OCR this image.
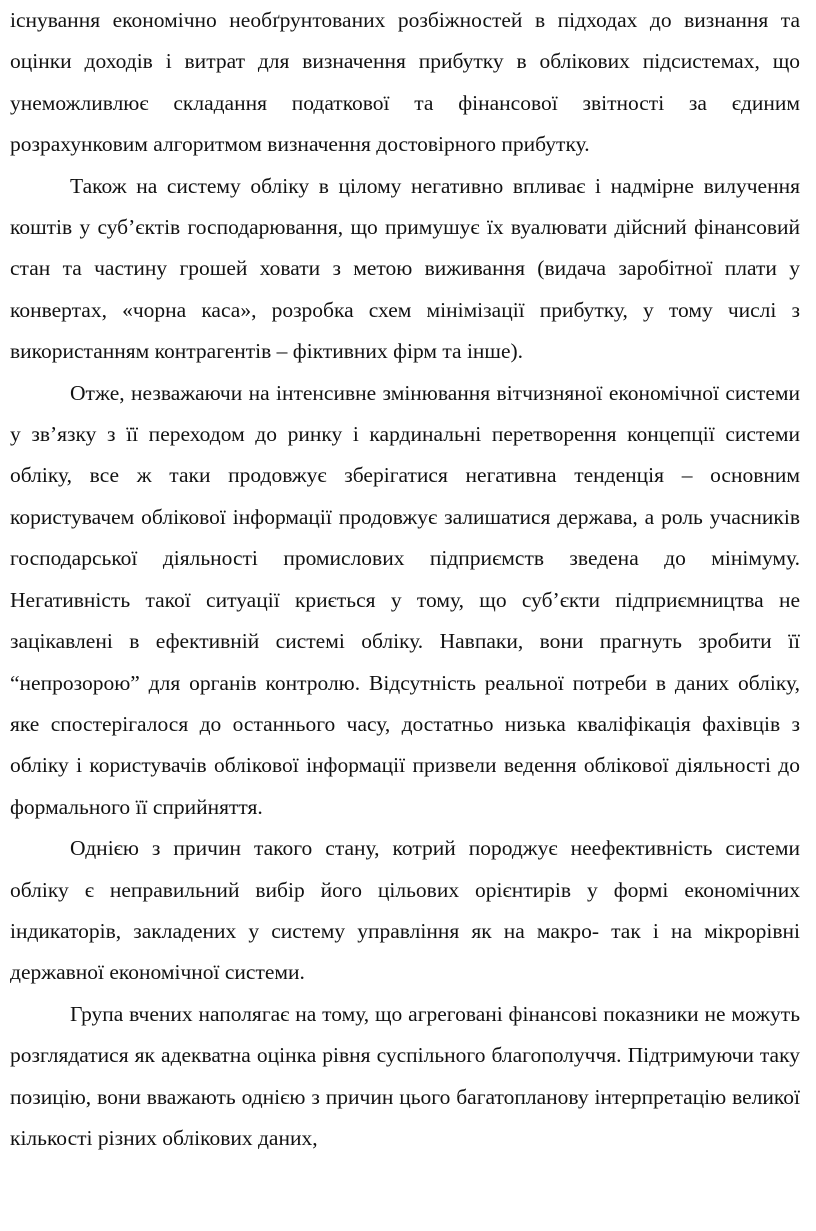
існування економічно необґрунтованих розбіжностей в підходах до визнання та оцінки доходів і витрат для визначення прибутку в облікових підсистемах, що унеможливлює складання податкової та фінансової звітності за єдиним розрахунковим алгоритмом визначення достовірного прибутку.

Також на систему обліку в цілому негативно впливає і надмірне вилучення коштів у суб’єктів господарювання, що примушує їх вуалювати дійсний фінансовий стан та частину грошей ховати з метою виживання (видача заробітної плати у конвертах, «чорна каса», розробка схем мінімізації прибутку, у тому числі з використанням контрагентів – фіктивних фірм та інше).

Отже, незважаючи на інтенсивне змінювання вітчизняної економічної системи у зв’язку з її переходом до ринку і кардинальні перетворення концепції системи обліку, все ж таки продовжує зберігатися негативна тенденція – основним користувачем облікової інформації продовжує залишатися держава, а роль учасників господарської діяльності промислових підприємств зведена до мінімуму. Негативність такої ситуації криється у тому, що суб’єкти підприємництва не зацікавлені в ефективній системі обліку. Навпаки, вони прагнуть зробити її “непрозорою” для органів контролю. Відсутність реальної потреби в даних обліку, яке спостерігалося до останнього часу, достатньо низька кваліфікація фахівців з обліку і користувачів облікової інформації призвели ведення облікової діяльності до формального її сприйняття.

Однією з причин такого стану, котрий породжує неефективність системи обліку є неправильний вибір його цільових орієнтирів у формі економічних індикаторів, закладених у систему управління як на макро- так і на мікрорівні державної економічної системи.

Група вчених наполягає на тому, що агреговані фінансові показники не можуть розглядатися як адекватна оцінка рівня суспільного благополуччя. Підтримуючи таку позицію, вони вважають однією з причин цього багатопланову інтерпретацію великої кількості різних облікових даних,
